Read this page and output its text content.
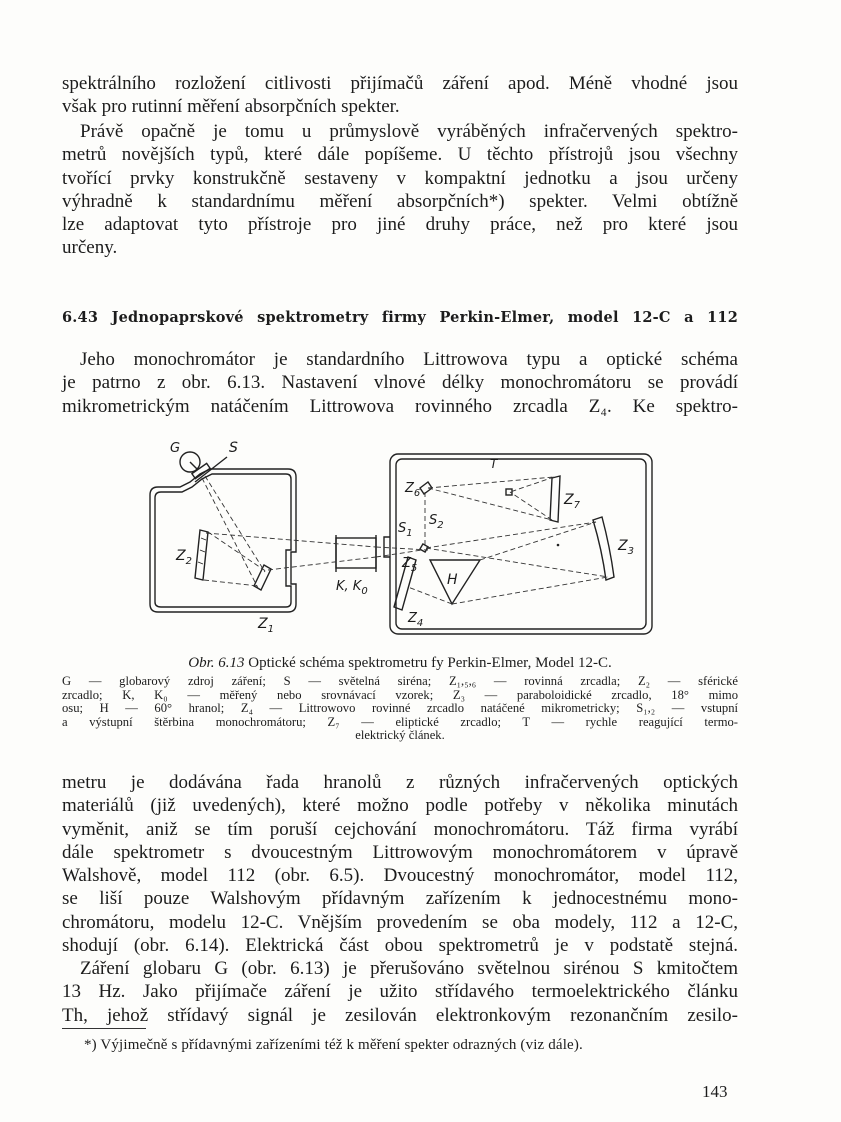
spektrálního rozložení citlivosti přijímačů záření apod. Méně vhodné jsou
však pro rutinní měření absorpčních spekter.
Právě opačně je tomu u průmyslově vyráběných infračervených spektro-
metrů novějších typů, které dále popíšeme. U těchto přístrojů jsou všechny
tvořící prvky konstrukčně sestaveny v kompaktní jednotku a jsou určeny
výhradně k standardnímu měření absorpčních*) spekter. Velmi obtížně
lze adaptovat tyto přístroje pro jiné druhy práce, než pro které jsou
určeny.
6.43 Jednopaprskové spektrometry firmy Perkin-Elmer, model 12-C a 112
Jeho monochromátor je standardního Littrowova typu a optické schéma
je patrno z obr. 6.13. Nastavení vlnové délky monochromátoru se provádí
mikrometrickým natáčením Littrowova rovinného zrcadla Z₄. Ke spektro-
G	S
$Z_2$
$Z_1$
K, $K_0$
T
$Z_6$	$Z_7$
$S_1$
$S_2$
$Z_3$
$Z_5$
H
$Z_4$
Obr. 6.13 Optické schéma spektrometru fy Perkin-Elmer, Model 12-C.
G — globarový zdroj záření; S — světelná siréna; Z₁,₅,₆ — rovinná zrcadla; Z₂ — sférické
zrcadlo; K, K₀ — měřený nebo srovnávací vzorek; Z₃ — paraboloidické zrcadlo, 18° mimo
osu; H — 60° hranol; Z₄ — Littrowovo rovinné zrcadlo natáčené mikrometricky; S₁,₂ — vstupní
a výstupní štěrbina monochromátoru; Z₇ — eliptické zrcadlo; T — rychle reagující termo-
elektrický článek.
metru je dodávána řada hranolů z různých infračervených optických
materiálů (již uvedených), které možno podle potřeby v několika minutách
vyměnit, aniž se tím poruší cejchování monochromátoru. Táž firma vyrábí
dále spektrometr s dvoucestným Littrowovým monochromátorem v úpravě
Walshově, model 112 (obr. 6.5). Dvoucestný monochromátor, model 112,
se liší pouze Walshovým přídavným zařízením k jednocestnému mono-
chromátoru, modelu 12-C. Vnějším provedením se oba modely, 112 a 12-C,
shodují (obr. 6.14). Elektrická část obou spektrometrů je v podstatě stejná.
Záření globaru G (obr. 6.13) je přerušováno světelnou sirénou S kmitočtem
13 Hz. Jako přijímače záření je užito střídavého termoelektrického článku
Th, jehož střídavý signál je zesilován elektronkovým rezonančním zesilo-
*) Výjimečně s přídavnými zařízeními též k měření spekter odrazných (viz dále).
143
